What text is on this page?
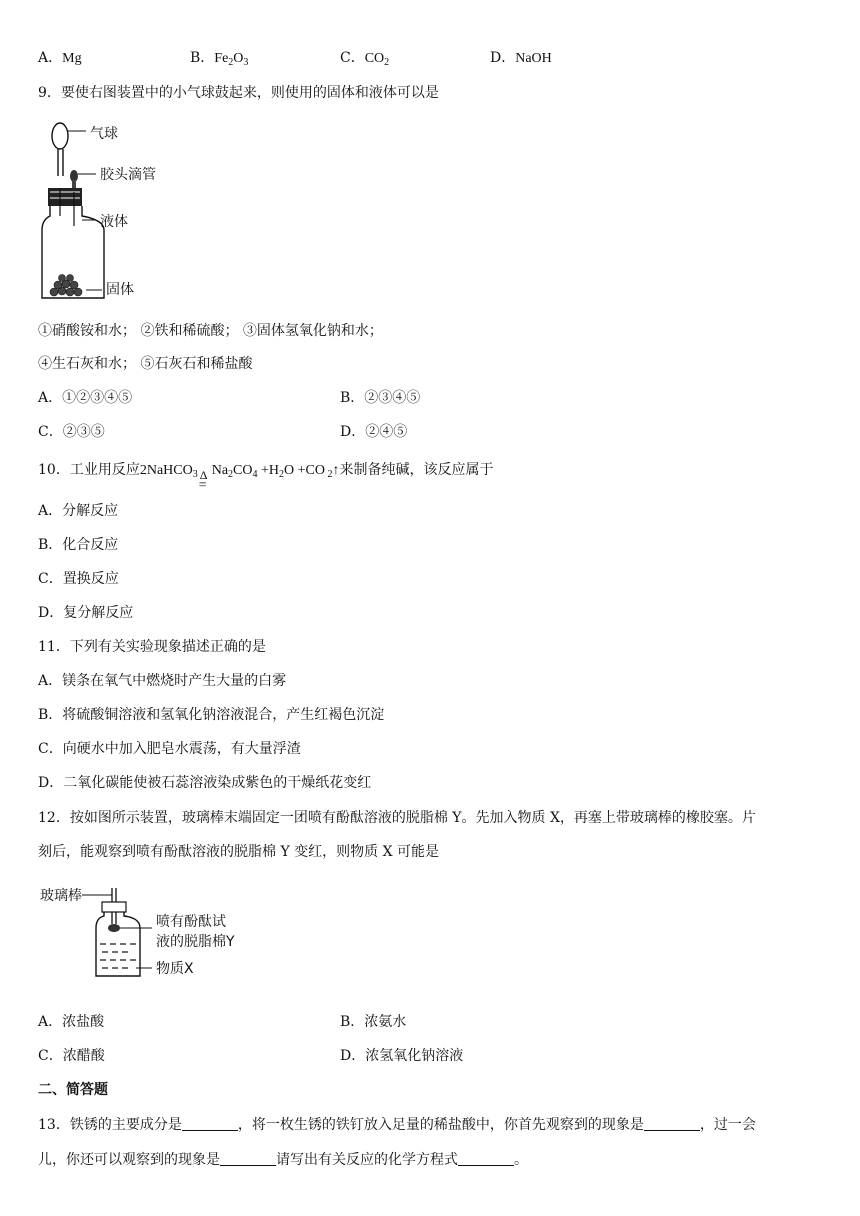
A．Mg	B．$Fe_2O_3$	C．$CO_2$	D．NaOH
9．要使右图装置中的小气球鼓起来，则使用的固体和液体可以是
气球
胶头滴管
液体
固体
①硝酸铵和水； ②铁和稀硫酸； ③固体氢氧化钠和水；
④生石灰和水； ⑤石灰石和稀盐酸
A．①②③④⑤	B．②③④⑤
C．②③⑤	D．②④⑤
10．工业用反应2NaHCO$_3$ Δ
=
$Na_2CO_4 +H_2O +CO$ $_2$↑来制备纯碱，该反应属于
A．分解反应
B．化合反应
C．置换反应
D．复分解反应
11．下列有关实验现象描述正确的是
A．镁条在氧气中燃烧时产生大量的白雾
B．将硫酸铜溶液和氢氧化钠溶液混合，产生红褐色沉淀
C．向硬水中加入肥皂水震荡，有大量浮渣
D．二氧化碳能使被石蕊溶液染成紫色的干燥纸花变红
12．按如图所示装置，玻璃棒末端固定一团喷有酚酞溶液的脱脂棉 Y。先加入物质 X，再塞上带玻璃棒的橡胶塞。片
刻后，能观察到喷有酚酞溶液的脱脂棉 Y 变红，则物质 X 可能是
玻璃棒
喷有酚酞试
液的脱脂棉Y
物质X
A．浓盐酸	B．浓氨水
C．浓醋酸	D．浓氢氧化钠溶液
二、简答题
13．铁锈的主要成分是	，将一枚生锈的铁钉放入足量的稀盐酸中，你首先观察到的现象是	，过一会
儿，你还可以观察到的现象是	请写出有关反应的化学方程式	。
